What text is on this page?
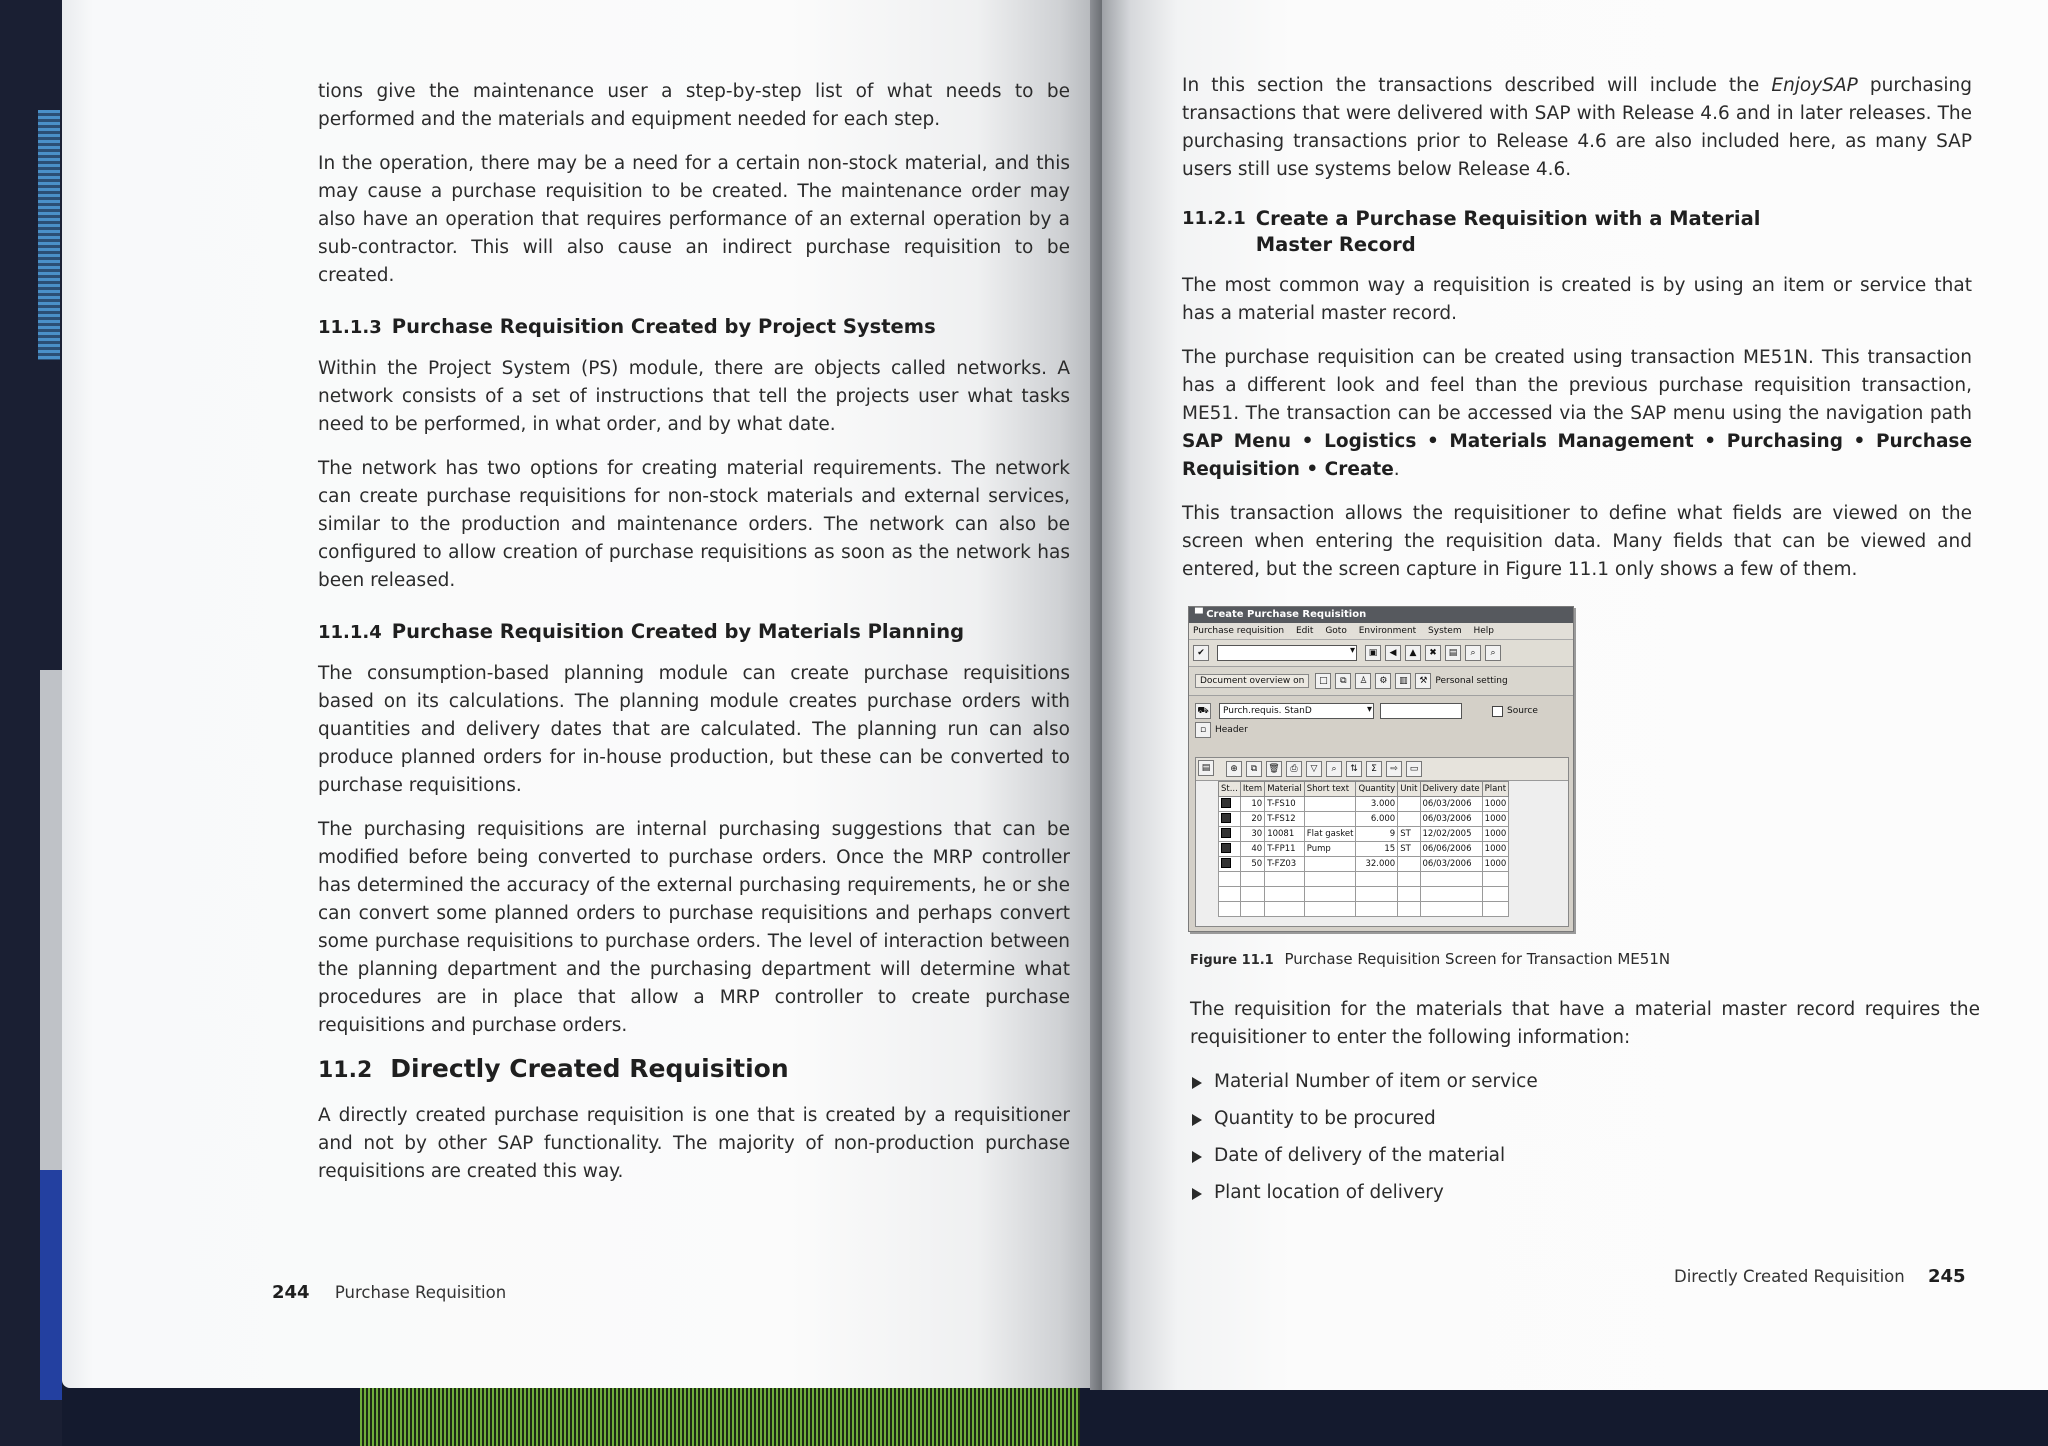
tions give the maintenance user a step-by-step list of what needs to be performed and the materials and equipment needed for each step.

In the operation, there may be a need for a certain non-stock material, and this may cause a purchase requisition to be created. The maintenance order may also have an operation that requires performance of an external operation by a sub-contractor. This will also cause an indirect purchase requisition to be created.

11.1.3 Purchase Requisition Created by Project Systems

Within the Project System (PS) module, there are objects called networks. A network consists of a set of instructions that tell the projects user what tasks need to be performed, in what order, and by what date.

The network has two options for creating material requirements. The network can create purchase requisitions for non-stock materials and external services, similar to the production and maintenance orders. The network can also be configured to allow creation of purchase requisitions as soon as the network has been released.

11.1.4 Purchase Requisition Created by Materials Planning

The consumption-based planning module can create purchase requisitions based on its calculations. The planning module creates purchase orders with quantities and delivery dates that are calculated. The planning run can also produce planned orders for in-house production, but these can be converted to purchase requisitions.

The purchasing requisitions are internal purchasing suggestions that can be modified before being converted to purchase orders. Once the MRP controller has determined the accuracy of the external purchasing requirements, he or she can convert some planned orders to purchase requisitions and perhaps convert some purchase requisitions to purchase orders. The level of interaction between the planning department and the purchasing department will determine what procedures are in place that allow a MRP controller to create purchase requisitions and purchase orders.

11.2 Directly Created Requisition

A directly created purchase requisition is one that is created by a requisitioner and not by other SAP functionality. The majority of non-production purchase requisitions are created this way.

244 Purchase Requisition

In this section the transactions described will include the EnjoySAP purchasing transactions that were delivered with SAP with Release 4.6 and in later releases. The purchasing transactions prior to Release 4.6 are also included here, as many SAP users still use systems below Release 4.6.

11.2.1 Create a Purchase Requisition with a Material Master Record

The most common way a requisition is created is by using an item or service that has a material master record.

The purchase requisition can be created using transaction ME51N. This transaction has a different look and feel than the previous purchase requisition transaction, ME51. The transaction can be accessed via the SAP menu using the navigation path SAP Menu • Logistics • Materials Management • Purchasing • Purchase Requisition • Create.

This transaction allows the requisitioner to define what fields are viewed on the screen when entering the requisition data. Many fields that can be viewed and entered, but the screen capture in Figure 11.1 only shows a few of them.

Figure 11.1 Purchase Requisition Screen for Transaction ME51N

The requisition for the materials that have a material master record requires the requisitioner to enter the following information:

Material Number of item or service
Quantity to be procured
Date of delivery of the material
Plant location of delivery
Directly Created Requisition 245
▀ Create Purchase Requisition
Purchase requisition Edit Goto Environment System Help
✔ ▾	▣	◀	▲	✖	▤	⌕	⌕
Document overview on	□	⧉	♙	⚙	▥	⚒ Personal setting
⛟	Purch.requis. StanD ▾	Source
▫ Header
⊕	⧉	🗑	⎙	▽	⌕	⇅	Σ	⇨	▭
▤
St...	Item	Material	Short text	Quantity	Unit	Delivery date	Plant
	10	T-FS10		3.000		06/03/2006	1000
	20	T-FS12		6.000		06/03/2006	1000
	30	10081	Flat gasket	9	ST	12/02/2005	1000
	40	T-FP11	Pump	15	ST	06/06/2006	1000
	50	T-FZ03		32.000		06/03/2006	1000
